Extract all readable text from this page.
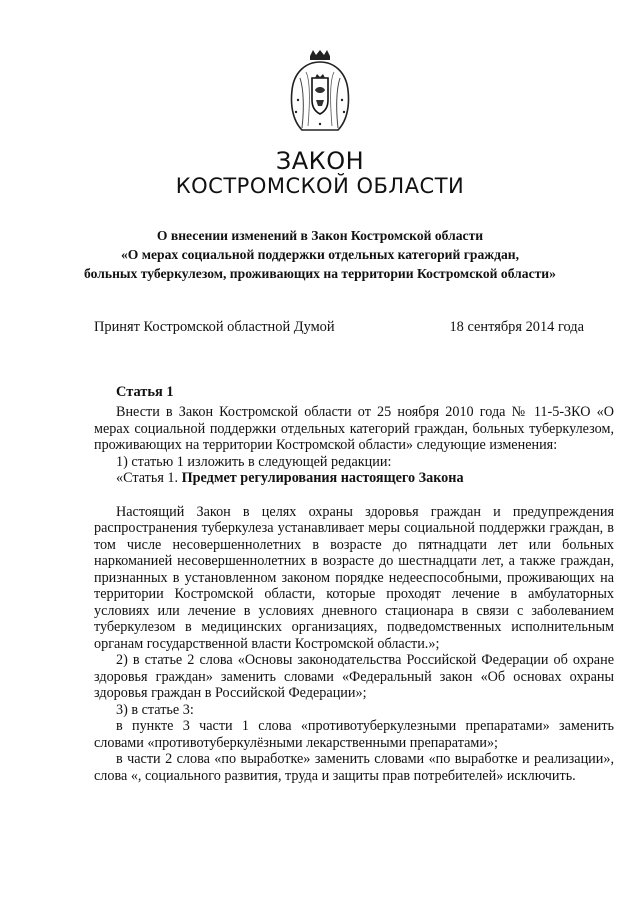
ЗАКОН
КОСТРОМСКОЙ ОБЛАСТИ
О внесении изменений в Закон Костромской области
«О мерах социальной поддержки отдельных категорий граждан,
больных туберкулезом, проживающих на территории Костромской области»
Принят Костромской областной Думой	18 сентября 2014 года
Статья 1

Внести в Закон Костромской области от 25 ноября 2010 года № 11-5-ЗКО «О мерах социальной поддержки отдельных категорий граждан, больных туберкулезом, проживающих на территории Костромской области» следующие изменения:

1) статью 1 изложить в следующей редакции:

«Статья 1. Предмет регулирования настоящего Закона

Настоящий Закон в целях охраны здоровья граждан и предупреждения распространения туберкулеза устанавливает меры социальной поддержки граждан, в том числе несовершеннолетних в возрасте до пятнадцати лет или больных наркоманией несовершеннолетних в возрасте до шестнадцати лет, а также граждан, признанных в установленном законом порядке недееспособными, проживающих на территории Костромской области, которые проходят лечение в амбулаторных условиях или лечение в условиях дневного стационара в связи с заболеванием туберкулезом в медицинских организациях, подведомственных исполнительным органам государственной власти Костромской области.»;

2) в статье 2 слова «Основы законодательства Российской Федерации об охране здоровья граждан» заменить словами «Федеральный закон «Об основах охраны здоровья граждан в Российской Федерации»;

3) в статье 3:

в пункте 3 части 1 слова «противотуберкулезными препаратами» заменить словами «противотуберкулёзными лекарственными препаратами»;

в части 2 слова «по выработке» заменить словами «по выработке и реализации», слова «, социального развития, труда и защиты прав потребителей» исключить.
